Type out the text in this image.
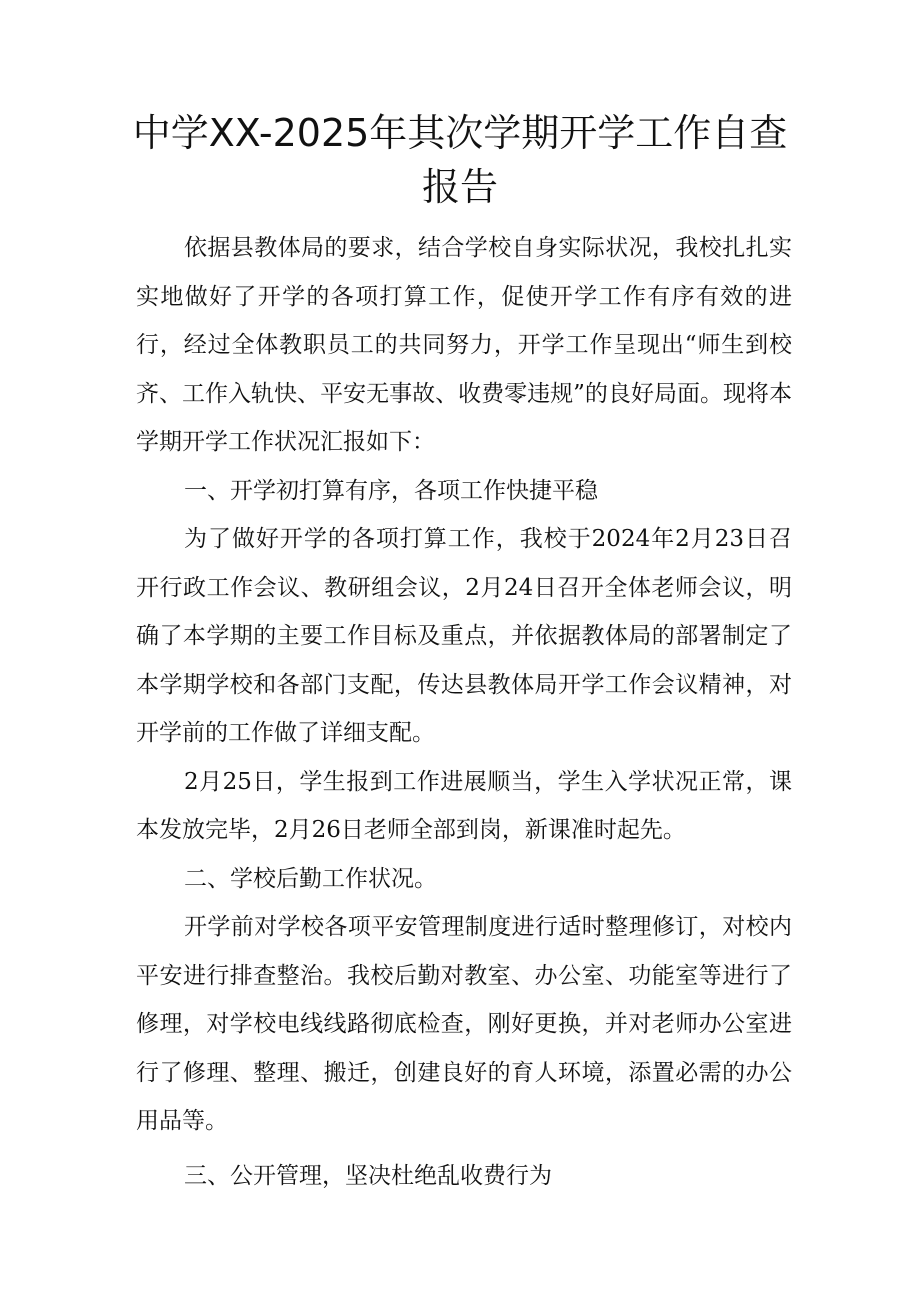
中学XX-2025年其次学期开学工作自查
报告

依据县教体局的要求，结合学校自身实际状况，我校扎扎实实地做好了开学的各项打算工作，促使开学工作有序有效的进行，经过全体教职员工的共同努力，开学工作呈现出“师生到校齐、工作入轨快、平安无事故、收费零违规”的良好局面。现将本学期开学工作状况汇报如下：

一、开学初打算有序，各项工作快捷平稳

为了做好开学的各项打算工作，我校于2024年2月23日召开行政工作会议、教研组会议，2月24日召开全体老师会议，明确了本学期的主要工作目标及重点，并依据教体局的部署制定了本学期学校和各部门支配，传达县教体局开学工作会议精神，对开学前的工作做了详细支配。

2月25日，学生报到工作进展顺当，学生入学状况正常，课本发放完毕，2月26日老师全部到岗，新课准时起先。

二、学校后勤工作状况。

开学前对学校各项平安管理制度进行适时整理修订，对校内平安进行排查整治。我校后勤对教室、办公室、功能室等进行了修理，对学校电线线路彻底检查，刚好更换，并对老师办公室进行了修理、整理、搬迁，创建良好的育人环境，添置必需的办公用品等。

三、公开管理，坚决杜绝乱收费行为
